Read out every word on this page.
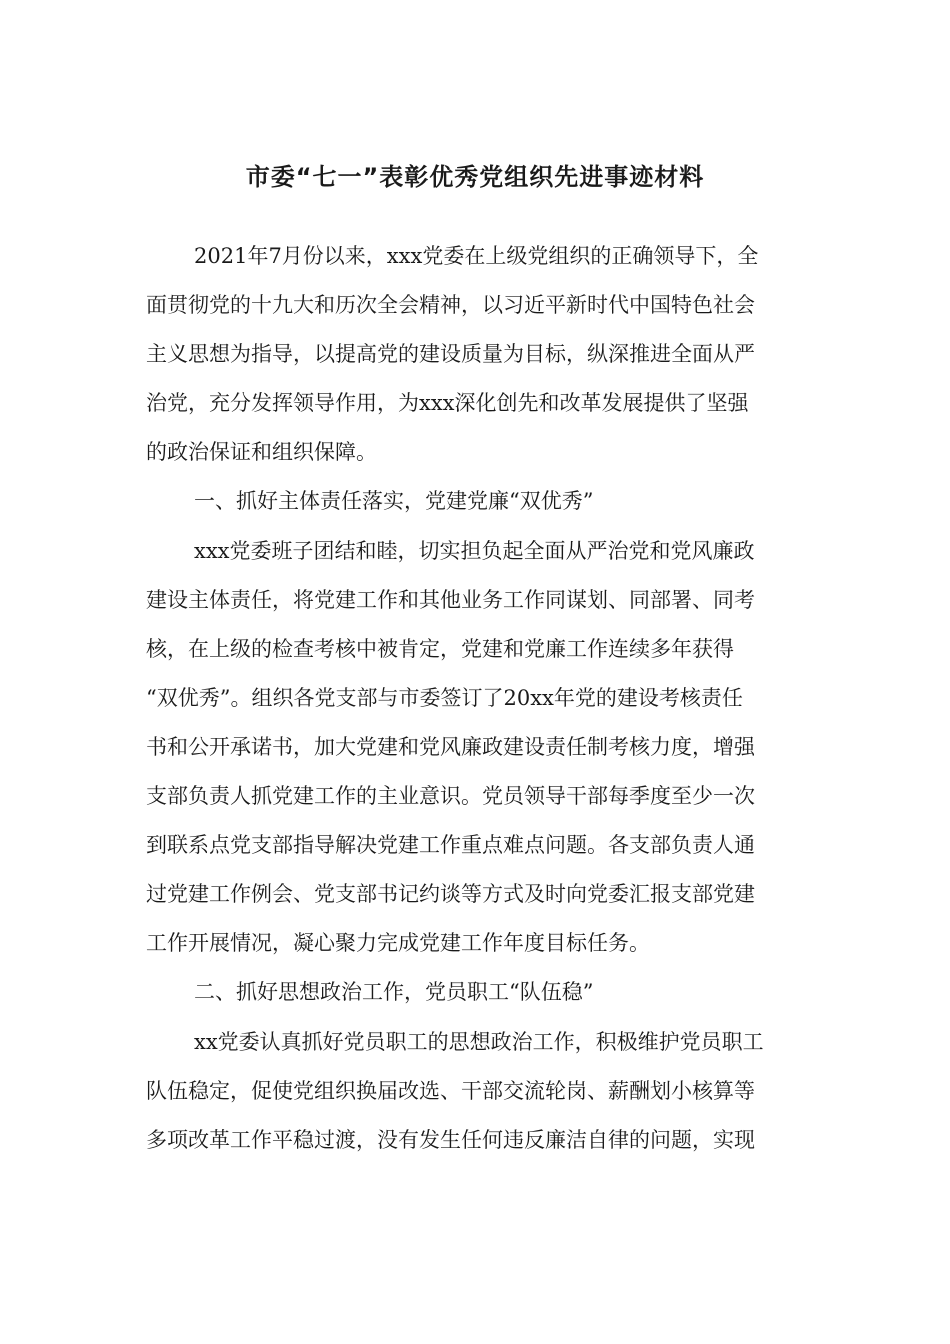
市委“七一”表彰优秀党组织先进事迹材料
2021年7月份以来，xxx党委在上级党组织的正确领导下，全
面贯彻党的十九大和历次全会精神，以习近平新时代中国特色社会
主义思想为指导，以提高党的建设质量为目标，纵深推进全面从严
治党，充分发挥领导作用，为xxx深化创先和改革发展提供了坚强
的政治保证和组织保障。
一、抓好主体责任落实，党建党廉“双优秀”
xxx党委班子团结和睦，切实担负起全面从严治党和党风廉政
建设主体责任，将党建工作和其他业务工作同谋划、同部署、同考
核，在上级的检查考核中被肯定，党建和党廉工作连续多年获得
“双优秀”。组织各党支部与市委签订了20xx年党的建设考核责任
书和公开承诺书，加大党建和党风廉政建设责任制考核力度，增强
支部负责人抓党建工作的主业意识。党员领导干部每季度至少一次
到联系点党支部指导解决党建工作重点难点问题。各支部负责人通
过党建工作例会、党支部书记约谈等方式及时向党委汇报支部党建
工作开展情况，凝心聚力完成党建工作年度目标任务。
二、抓好思想政治工作，党员职工“队伍稳”
xx党委认真抓好党员职工的思想政治工作，积极维护党员职工
队伍稳定，促使党组织换届改选、干部交流轮岗、薪酬划小核算等
多项改革工作平稳过渡，没有发生任何违反廉洁自律的问题，实现
